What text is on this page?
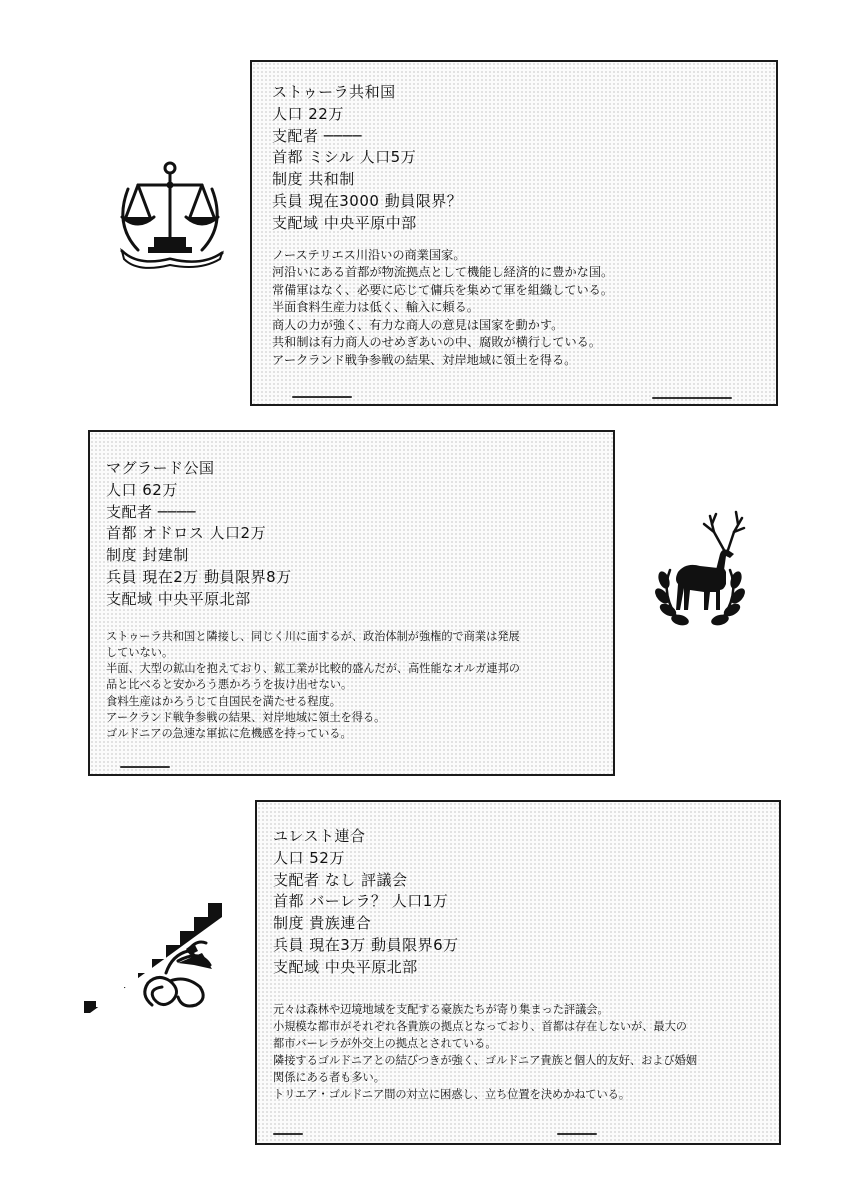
ストゥーラ共和国
人口 22万
支配者 ────
首都 ミシル 人口5万
制度 共和制
兵員 現在3000 動員限界？
支配域 中央平原中部
ノーステリエス川沿いの商業国家。
河沿いにある首都が物流拠点として機能し経済的に豊かな国。
常備軍はなく、必要に応じて傭兵を集めて軍を組織している。
半面食料生産力は低く、輸入に頼る。
商人の力が強く、有力な商人の意見は国家を動かす。
共和制は有力商人のせめぎあいの中、腐敗が横行している。
アークランド戦争参戦の結果、対岸地域に領土を得る。
マグラード公国
人口 62万
支配者 ────
首都 オドロス 人口2万
制度 封建制
兵員 現在2万 動員限界8万
支配域 中央平原北部
ストゥーラ共和国と隣接し、同じく川に面するが、政治体制が強権的で商業は発展
していない。
半面、大型の鉱山を抱えており、鉱工業が比較的盛んだが、高性能なオルガ連邦の
品と比べると安かろう悪かろうを抜け出せない。
食料生産はかろうじて自国民を満たせる程度。
アークランド戦争参戦の結果、対岸地域に領土を得る。
ゴルドニアの急速な軍拡に危機感を持っている。
ユレスト連合
人口 52万
支配者 なし 評議会
首都 バーレラ？ 人口1万
制度 貴族連合
兵員 現在3万 動員限界6万
支配域 中央平原北部
元々は森林や辺境地域を支配する豪族たちが寄り集まった評議会。
小規模な都市がそれぞれ各貴族の拠点となっており、首都は存在しないが、最大の
都市バーレラが外交上の拠点とされている。
隣接するゴルドニアとの結びつきが強く、ゴルドニア貴族と個人的友好、および婚姻
関係にある者も多い。
トリエア・ゴルドニア間の対立に困惑し、立ち位置を決めかねている。
